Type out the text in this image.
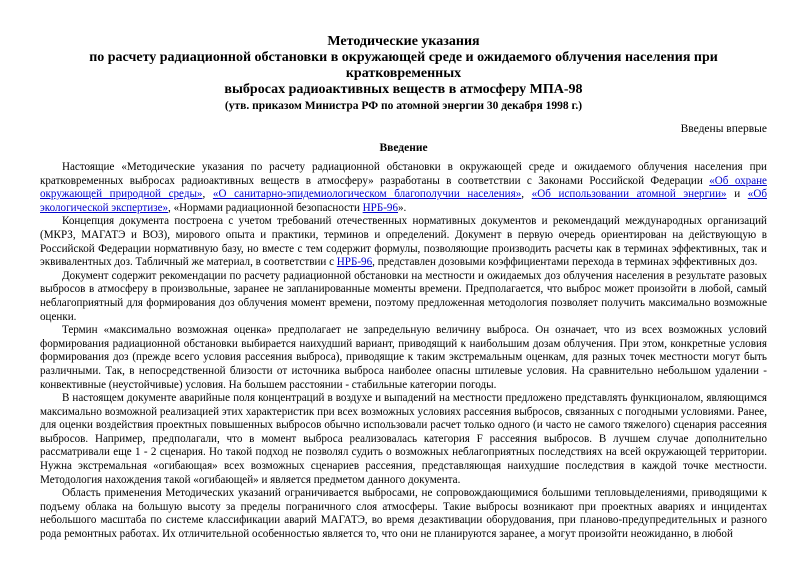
Методические указания
по расчету радиационной обстановки в окружающей среде и ожидаемого облучения населения при кратковременных
выбросах радиоактивных веществ в атмосферу МПА-98
(утв. приказом Министра РФ по атомной энергии 30 декабря 1998 г.)
Введены впервые
Введение

Настоящие «Методические указания по расчету радиационной обстановки в окружающей среде и ожидаемого облучения населения при кратковременных выбросах радиоактивных веществ в атмосферу» разработаны в соответствии с Законами Российской Федерации «Об охране окружающей природной среды», «О санитарно-эпидемиологическом благополучии населения», «Об использовании атомной энергии» и «Об экологической экспертизе», «Нормами радиационной безопасности НРБ-96».

Концепция документа построена с учетом требований отечественных нормативных документов и рекомендаций международных организаций (МКРЗ, МАГАТЭ и ВОЗ), мирового опыта и практики, терминов и определений. Документ в первую очередь ориентирован на действующую в Российской Федерации нормативную базу, но вместе с тем содержит формулы, позволяющие производить расчеты как в терминах эффективных, так и эквивалентных доз. Табличный же материал, в соответствии с НРБ-96, представлен дозовыми коэффициентами перехода в терминах эффективных доз.

Документ содержит рекомендации по расчету радиационной обстановки на местности и ожидаемых доз облучения населения в результате разовых выбросов в атмосферу в произвольные, заранее не запланированные моменты времени. Предполагается, что выброс может произойти в любой, самый неблагоприятный для формирования доз облучения момент времени, поэтому предложенная методология позволяет получить максимально возможные оценки.

Термин «максимально возможная оценка» предполагает не запредельную величину выброса. Он означает, что из всех возможных условий формирования радиационной обстановки выбирается наихудший вариант, приводящий к наибольшим дозам облучения. При этом, конкретные условия формирования доз (прежде всего условия рассеяния выброса), приводящие к таким экстремальным оценкам, для разных точек местности могут быть различными. Так, в непосредственной близости от источника выброса наиболее опасны штилевые условия. На сравнительно небольшом удалении - конвективные (неустойчивые) условия. На большем расстоянии - стабильные категории погоды.

В настоящем документе аварийные поля концентраций в воздухе и выпадений на местности предложено представлять функционалом, являющимся максимально возможной реализацией этих характеристик при всех возможных условиях рассеяния выбросов, связанных с погодными условиями. Ранее, для оценки воздействия проектных повышенных выбросов обычно использовали расчет только одного (и часто не самого тяжелого) сценария рассеяния выбросов. Например, предполагали, что в момент выброса реализовалась категория F рассеяния выбросов. В лучшем случае дополнительно рассматривали еще 1 - 2 сценария. Но такой подход не позволял судить о возможных неблагоприятных последствиях на всей окружающей территории. Нужна экстремальная «огибающая» всех возможных сценариев рассеяния, представляющая наихудшие последствия в каждой точке местности. Методология нахождения такой «огибающей» и является предметом данного документа.

Область применения Методических указаний ограничивается выбросами, не сопровождающимися большими тепловыделениями, приводящими к подъему облака на большую высоту за пределы пограничного слоя атмосферы. Такие выбросы возникают при проектных авариях и инцидентах небольшого масштаба по системе классификации аварий МАГАТЭ, во время дезактивации оборудования, при планово-предупредительных и разного рода ремонтных работах. Их отличительной особенностью является то, что они не планируются заранее, а могут произойти неожиданно, в любой
